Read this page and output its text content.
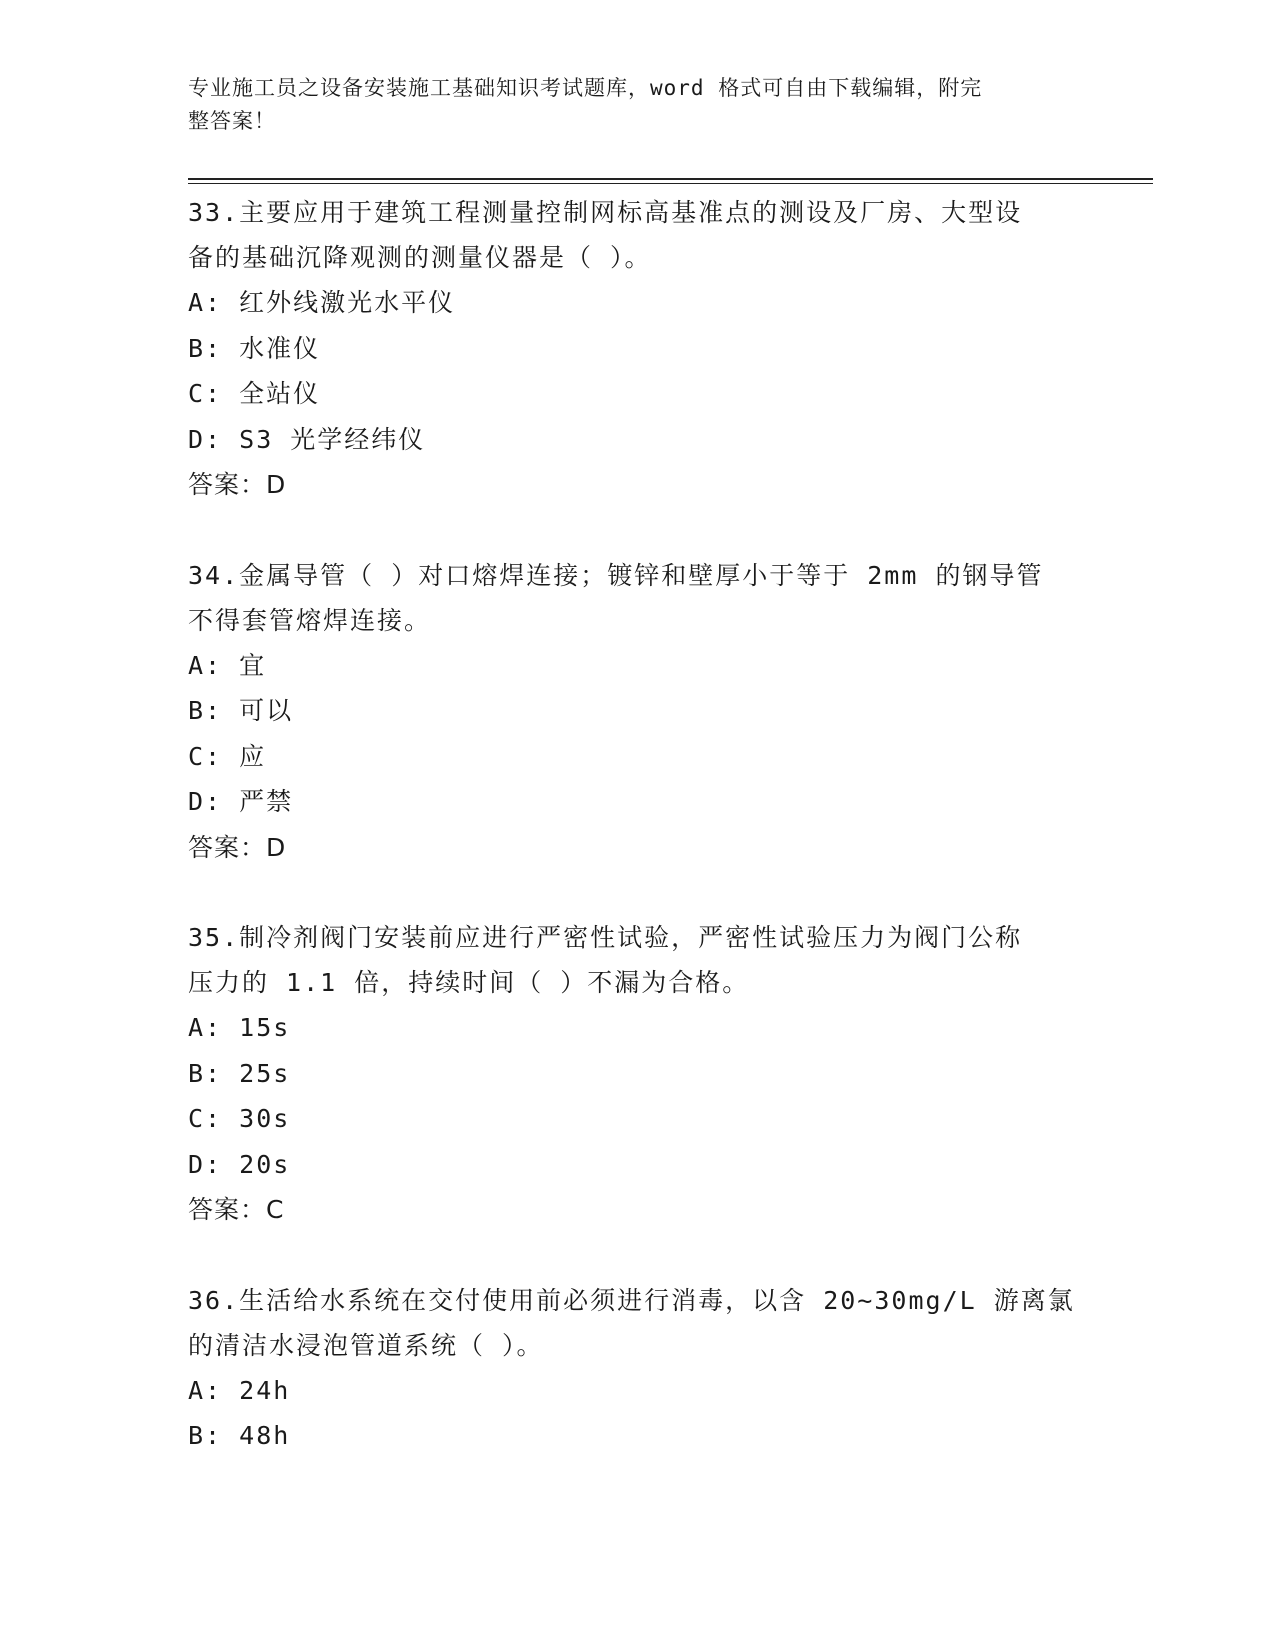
专业施工员之设备安装施工基础知识考试题库，word 格式可自由下载编辑，附完
整答案！
33.主要应用于建筑工程测量控制网标高基准点的测设及厂房、大型设
备的基础沉降观测的测量仪器是（ ）。
A: 红外线激光水平仪
B: 水准仪
C: 全站仪
D: S3 光学经纬仪
答案：D
34.金属导管（ ）对口熔焊连接；镀锌和壁厚小于等于 2mm 的钢导管
不得套管熔焊连接。
A: 宜
B: 可以
C: 应
D: 严禁
答案：D
35.制冷剂阀门安装前应进行严密性试验，严密性试验压力为阀门公称
压力的 1.1 倍，持续时间（ ）不漏为合格。
A: 15s
B: 25s
C: 30s
D: 20s
答案：C
36.生活给水系统在交付使用前必须进行消毒，以含 20~30mg/L 游离氯
的清洁水浸泡管道系统（ ）。
A: 24h
B: 48h
